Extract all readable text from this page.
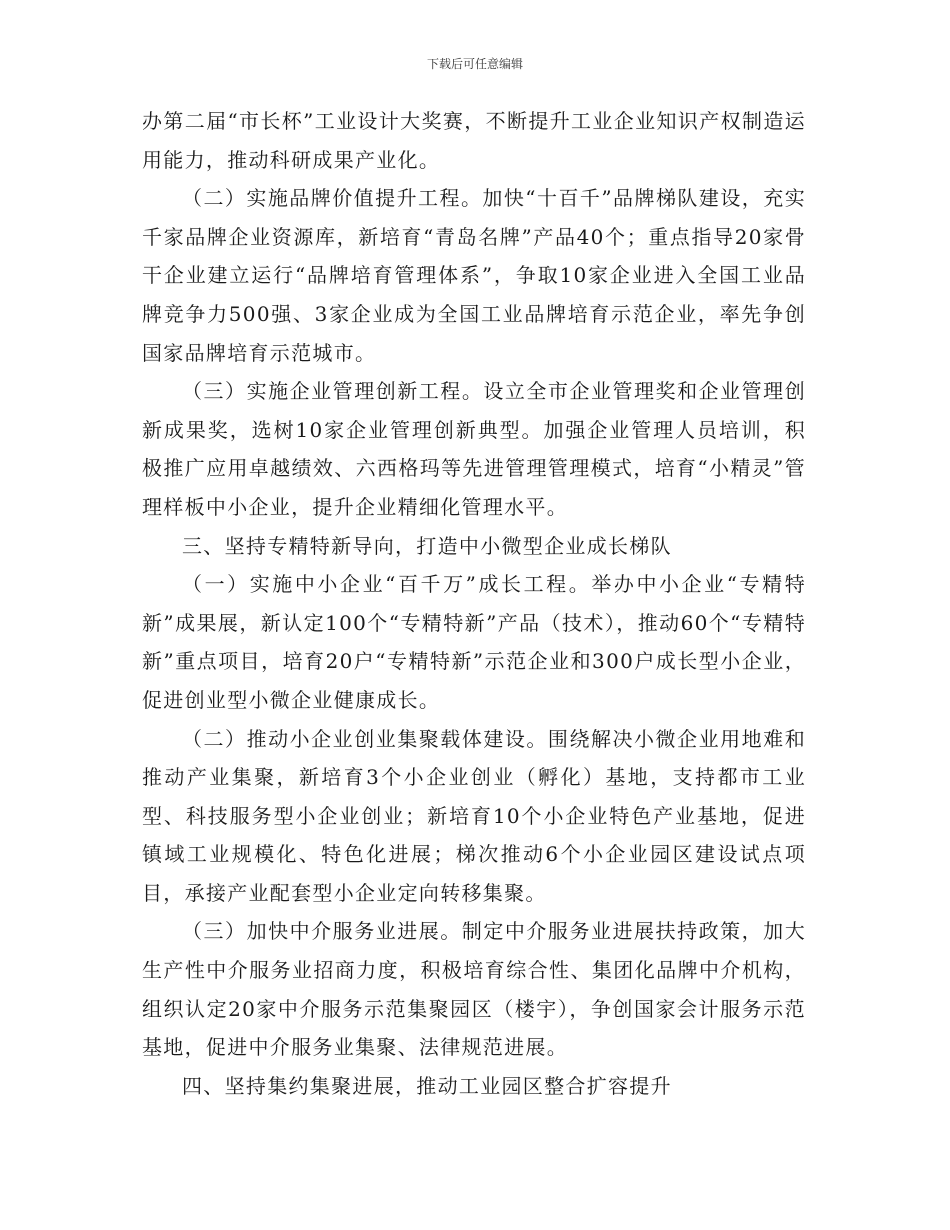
下载后可任意编辑

办第二届“市长杯”工业设计大奖赛，不断提升工业企业知识产权制造运用能力，推动科研成果产业化。

（二）实施品牌价值提升工程。加快“十百千”品牌梯队建设，充实千家品牌企业资源库，新培育“青岛名牌”产品40个；重点指导20家骨干企业建立运行“品牌培育管理体系”，争取10家企业进入全国工业品牌竞争力500强、3家企业成为全国工业品牌培育示范企业，率先争创国家品牌培育示范城市。

（三）实施企业管理创新工程。设立全市企业管理奖和企业管理创新成果奖，选树10家企业管理创新典型。加强企业管理人员培训，积极推广应用卓越绩效、六西格玛等先进管理管理模式，培育“小精灵”管理样板中小企业，提升企业精细化管理水平。

三、坚持专精特新导向，打造中小微型企业成长梯队

（一）实施中小企业“百千万”成长工程。举办中小企业“专精特新”成果展，新认定100个“专精特新”产品（技术），推动60个“专精特新”重点项目，培育20户“专精特新”示范企业和300户成长型小企业，促进创业型小微企业健康成长。

（二）推动小企业创业集聚载体建设。围绕解决小微企业用地难和推动产业集聚，新培育3个小企业创业（孵化）基地，支持都市工业型、科技服务型小企业创业；新培育10个小企业特色产业基地，促进镇域工业规模化、特色化进展；梯次推动6个小企业园区建设试点项目，承接产业配套型小企业定向转移集聚。

（三）加快中介服务业进展。制定中介服务业进展扶持政策，加大生产性中介服务业招商力度，积极培育综合性、集团化品牌中介机构，组织认定20家中介服务示范集聚园区（楼宇），争创国家会计服务示范基地，促进中介服务业集聚、法律规范进展。

四、坚持集约集聚进展，推动工业园区整合扩容提升
